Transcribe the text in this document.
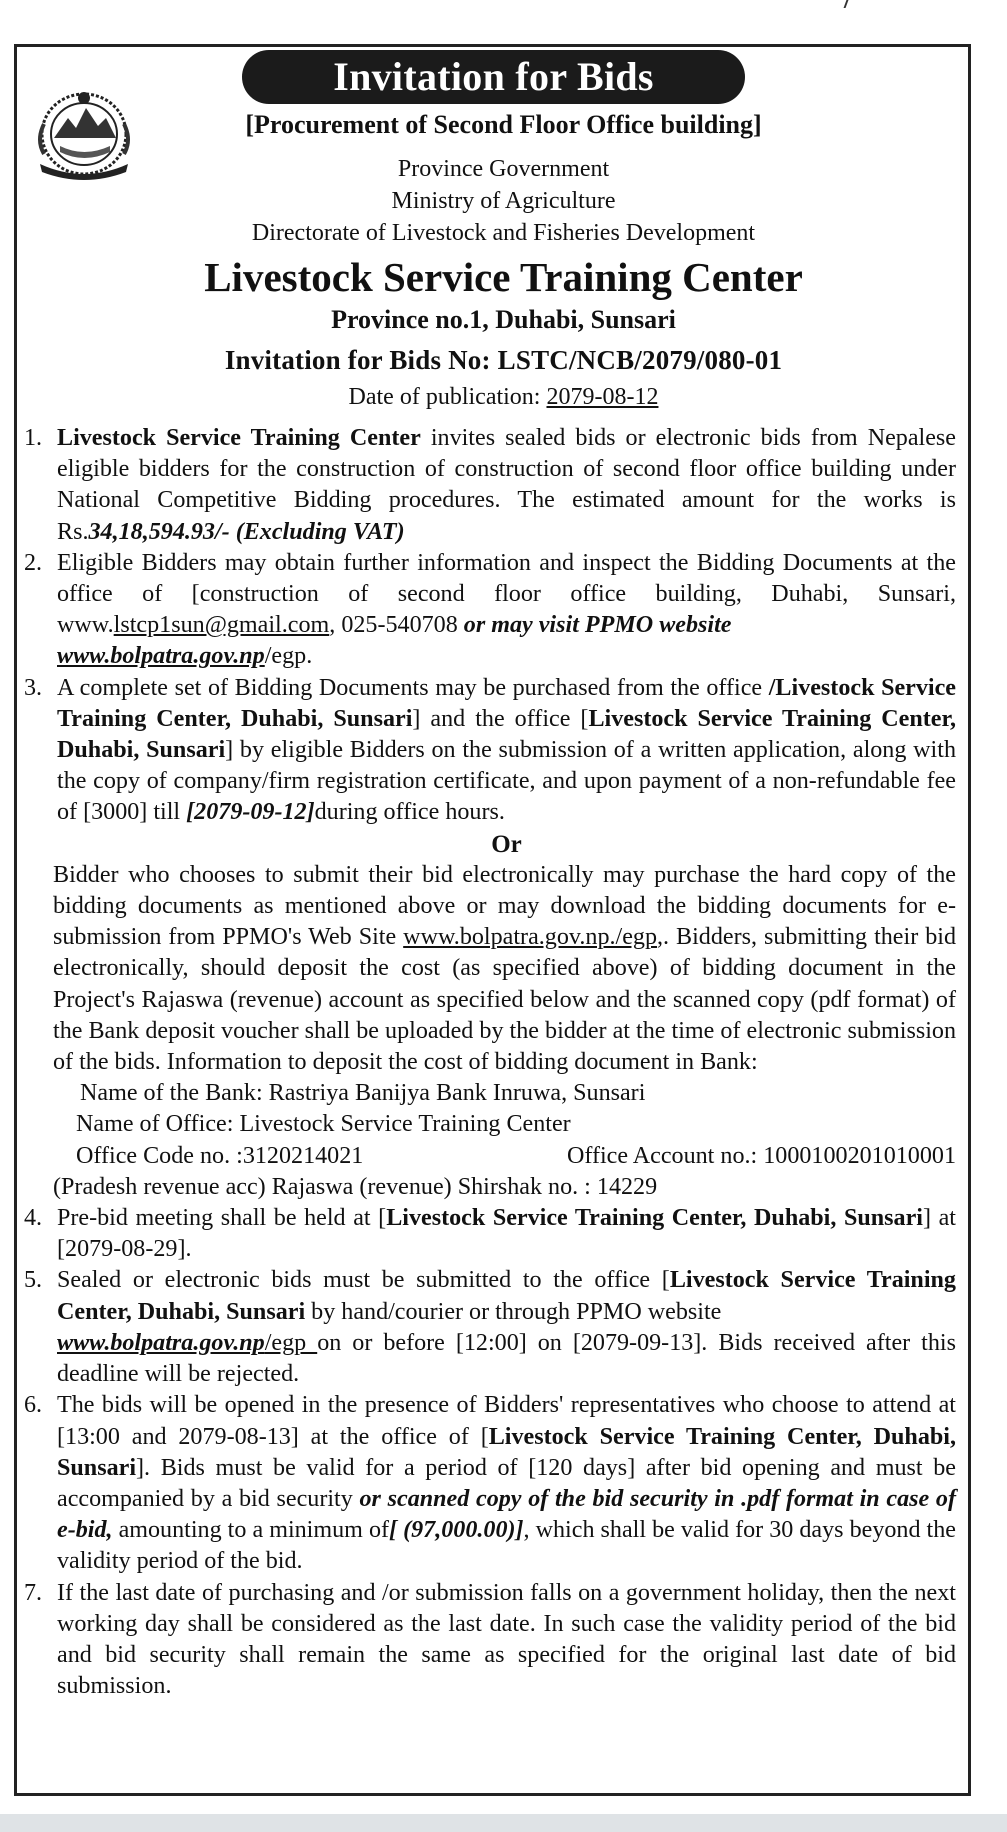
Invitation for Bids
[Procurement of Second Floor Office building]
Province Government
Ministry of Agriculture
Directorate of Livestock and Fisheries Development
Livestock Service Training Center
Province no.1, Duhabi, Sunsari
Invitation for Bids No: LSTC/NCB/2079/080-01
Date of publication: 2079-08-12
1. Livestock Service Training Center invites sealed bids or electronic bids from Nepalese eligible bidders for the construction of construction of second floor office building under National Competitive Bidding procedures. The estimated amount for the works is Rs.34,18,594.93/- (Excluding VAT)
2. Eligible Bidders may obtain further information and inspect the Bidding Documents at the office of [construction of second floor office building, Duhabi, Sunsari, www.lstcp1sun@gmail.com, 025-540708 or may visit PPMO website
www.bolpatra.gov.np/egp.
3. A complete set of Bidding Documents may be purchased from the office /Livestock Service Training Center, Duhabi, Sunsari] and the office [Livestock Service Training Center, Duhabi, Sunsari] by eligible Bidders on the submission of a written application, along with the copy of company/firm registration certificate, and upon payment of a non-refundable fee of [3000] till [2079-09-12]during office hours.
Or
Bidder who chooses to submit their bid electronically may purchase the hard copy of the bidding documents as mentioned above or may download the bidding documents for e-submission from PPMO's Web Site www.bolpatra.gov.np./egp,. Bidders, submitting their bid electronically, should deposit the cost (as specified above) of bidding document in the Project's Rajaswa (revenue) account as specified below and the scanned copy (pdf format) of the Bank deposit voucher shall be uploaded by the bidder at the time of electronic submission of the bids. Information to deposit the cost of bidding document in Bank:
Name of the Bank: Rastriya Banijya Bank Inruwa, Sunsari
Name of Office: Livestock Service Training Center
Office Code no. :3120214021	Office Account no.: 1000100201010001
(Pradesh revenue acc) Rajaswa (revenue) Shirshak no. : 14229
4. Pre-bid meeting shall be held at [Livestock Service Training Center, Duhabi, Sunsari] at [2079-08-29].
5. Sealed or electronic bids must be submitted to the office [Livestock Service Training Center, Duhabi, Sunsari by hand/courier or through PPMO website
www.bolpatra.gov.np/egp on or before [12:00] on [2079-09-13]. Bids received after this deadline will be rejected.
6. The bids will be opened in the presence of Bidders' representatives who choose to attend at [13:00 and 2079-08-13] at the office of [Livestock Service Training Center, Duhabi, Sunsari]. Bids must be valid for a period of [120 days] after bid opening and must be accompanied by a bid security or scanned copy of the bid security in .pdf format in case of e-bid, amounting to a minimum of[ (97,000.00)], which shall be valid for 30 days beyond the validity period of the bid.
7. If the last date of purchasing and /or submission falls on a government holiday, then the next working day shall be considered as the last date. In such case the validity period of the bid and bid security shall remain the same as specified for the original last date of bid submission.
